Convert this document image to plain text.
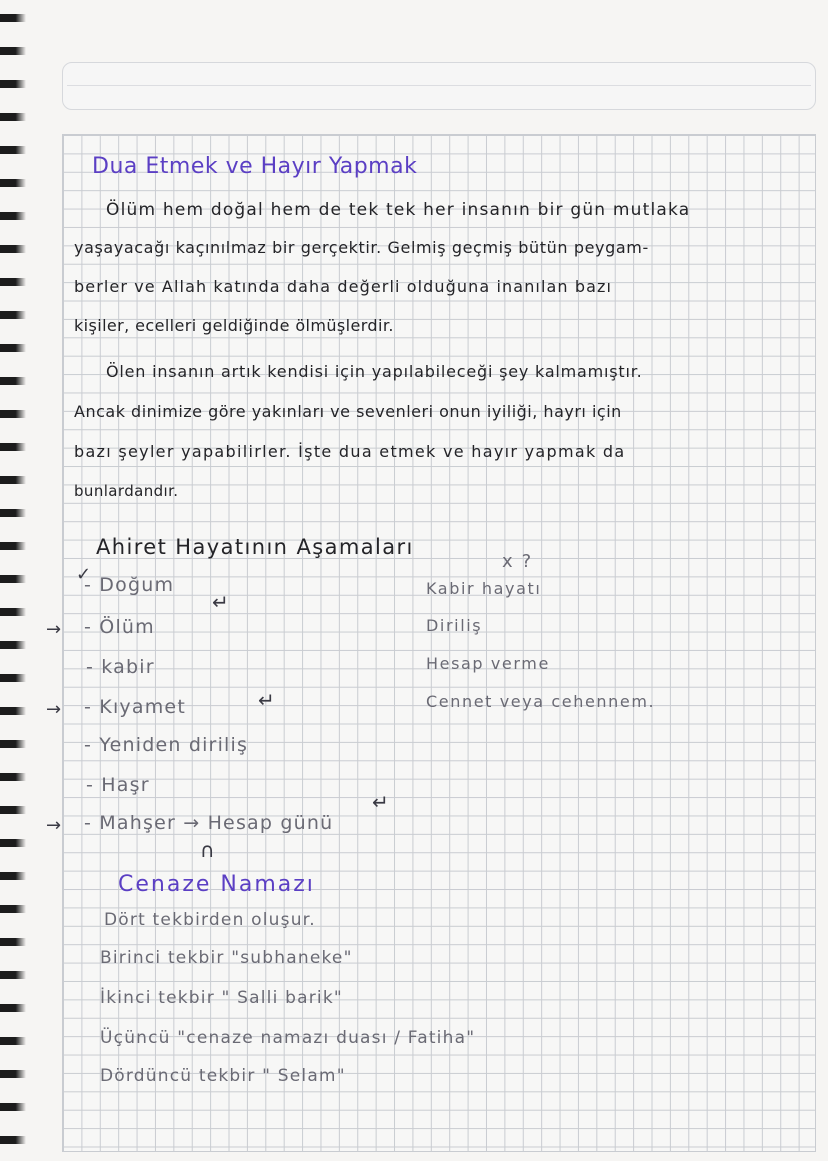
Dua Etmek ve Hayır Yapmak

Ölüm hem doğal hem de tek tek her insanın bir gün mutlaka

yaşayacağı kaçınılmaz bir gerçektir. Gelmiş geçmiş bütün peygam-

berler ve Allah katında daha değerli olduğuna inanılan bazı

kişiler, ecelleri geldiğinde ölmüşlerdir.

Ölen insanın artık kendisi için yapılabileceği şey kalmamıştır.

Ancak dinimize göre yakınları ve sevenleri onun iyiliği, hayrı için

bazı şeyler yapabilirler. İşte dua etmek ve hayır yapmak da

bunlardandır.

Ahiret Hayatının Aşamaları

- Doğum

- Ölüm

- kabir

- Kıyamet

- Yeniden diriliş

- Haşr

- Mahşer → Hesap günü

✓
→
→
→
↵
↵
↵
∩
x ?

Kabir hayatı

Diriliş

Hesap verme

Cennet veya cehennem.

Cenaze Namazı

Dört tekbirden oluşur.

Birinci tekbir "subhaneke"

İkinci tekbir " Salli barik"

Üçüncü "cenaze namazı duası / Fatiha"

Dördüncü tekbir " Selam"
